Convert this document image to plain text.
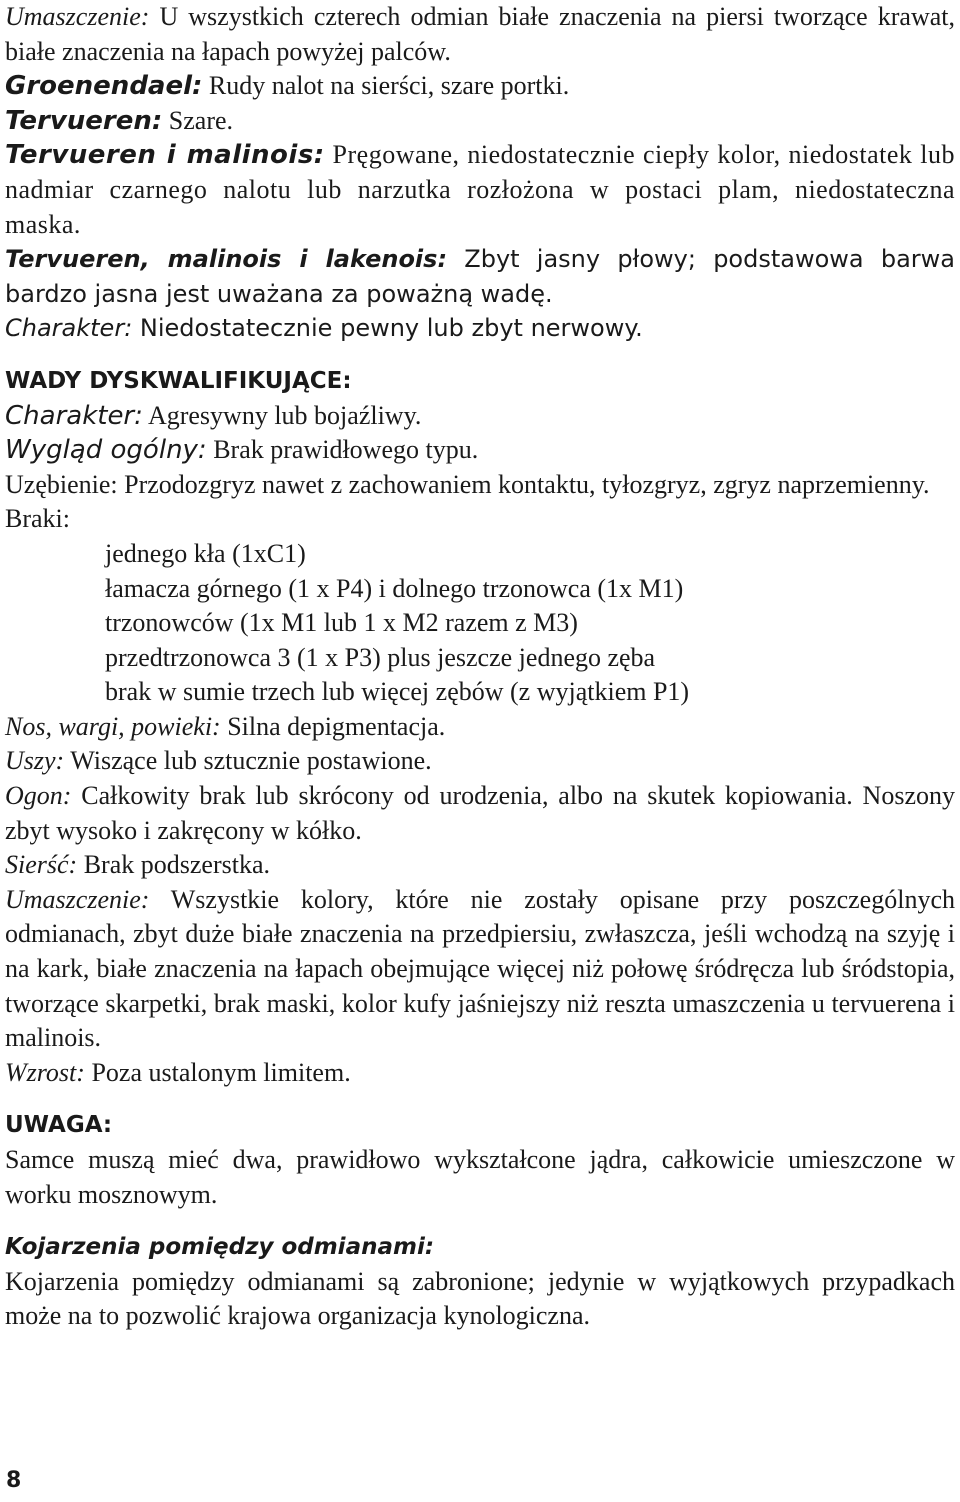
Umaszczenie: U wszystkich czterech odmian białe znaczenia na piersi tworzące krawat, białe znaczenia na łapach powyżej palców.

Groenendael: Rudy nalot na sierści, szare portki.

Tervueren: Szare.

Tervueren i malinois: Pręgowane, niedostatecznie ciepły kolor, niedostatek lub nadmiar czarnego nalotu lub narzutka rozłożona w postaci plam, niedostateczna maska.

Tervueren, malinois i lakenois: Zbyt jasny płowy; podstawowa barwa bardzo jasna jest uważana za poważną wadę.

Charakter: Niedostatecznie pewny lub zbyt nerwowy.

WADY DYSKWALIFIKUJĄCE:

Charakter: Agresywny lub bojaźliwy.

Wygląd ogólny: Brak prawidłowego typu.

Uzębienie: Przodozgryz nawet z zachowaniem kontaktu, tyłozgryz, zgryz naprzemienny.

Braki:

jednego kła (1xC1)
łamacza górnego (1 x P4) i dolnego trzonowca (1x M1)
trzonowców (1x M1 lub 1 x M2 razem z M3)
przedtrzonowca 3 (1 x P3) plus jeszcze jednego zęba
brak w sumie trzech lub więcej zębów (z wyjątkiem P1)

Nos, wargi, powieki: Silna depigmentacja.

Uszy: Wiszące lub sztucznie postawione.

Ogon: Całkowity brak lub skrócony od urodzenia, albo na skutek kopiowania. Noszony zbyt wysoko i zakręcony w kółko.

Sierść: Brak podszerstka.

Umaszczenie: Wszystkie kolory, które nie zostały opisane przy poszczególnych odmianach, zbyt duże białe znaczenia na przedpiersiu, zwłaszcza, jeśli wchodzą na szyję i na kark, białe znaczenia na łapach obejmujące więcej niż połowę śródręcza lub śródstopia, tworzące skarpetki, brak maski, kolor kufy jaśniejszy niż reszta umaszczenia u tervuerena i malinois.

Wzrost: Poza ustalonym limitem.

UWAGA:

Samce muszą mieć dwa, prawidłowo wykształcone jądra, całkowicie umieszczone w worku mosznowym.

Kojarzenia pomiędzy odmianami:

Kojarzenia pomiędzy odmianami są zabronione; jedynie w wyjątkowych przypadkach może na to pozwolić krajowa organizacja kynologiczna.

8
